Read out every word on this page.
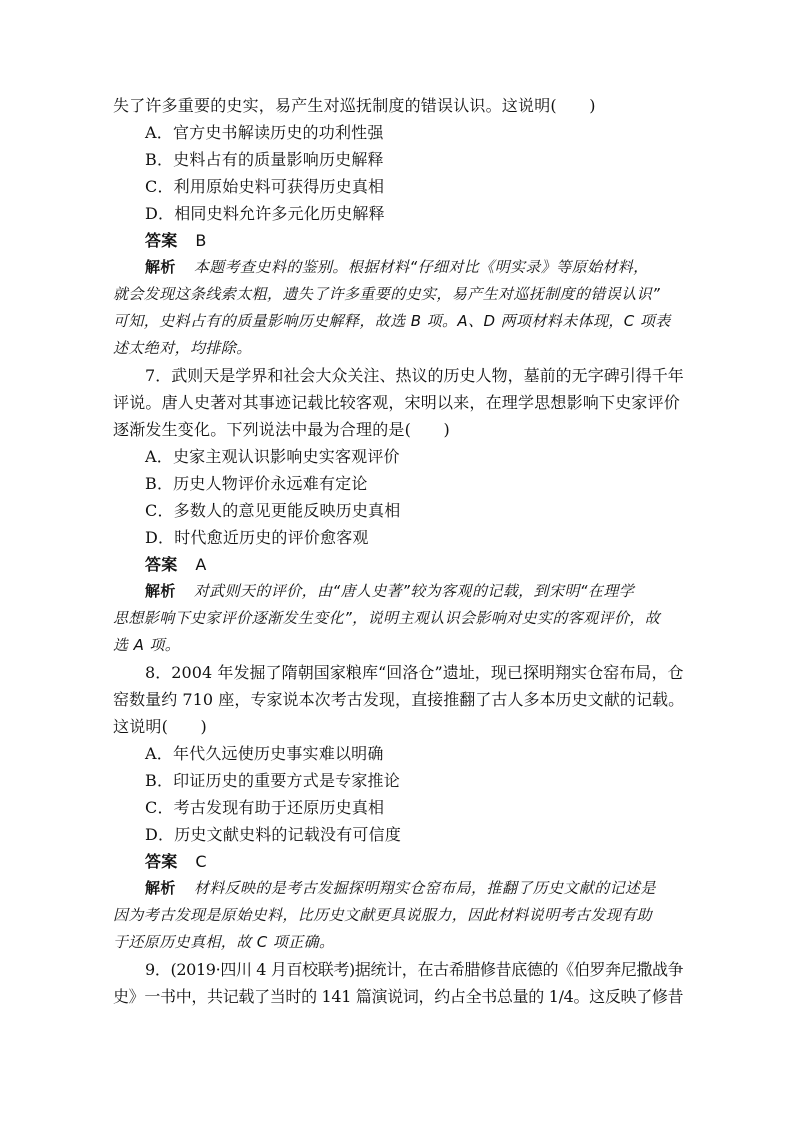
失了许多重要的史实，易产生对巡抚制度的错误认识。这说明(　　)
A．官方史书解读历史的功利性强
B．史料占有的质量影响历史解释
C．利用原始史料可获得历史真相
D．相同史料允许多元化历史解释
答案 B
解析 本题考查史料的鉴别。根据材料“仔细对比《明实录》等原始材料，
就会发现这条线索太粗，遗失了许多重要的史实，易产生对巡抚制度的错误认识”
可知，史料占有的质量影响历史解释，故选 B 项。A、D 两项材料未体现，C 项表
述太绝对，均排除。
7．武则天是学界和社会大众关注、热议的历史人物，墓前的无字碑引得千年
评说。唐人史著对其事迹记载比较客观，宋明以来，在理学思想影响下史家评价
逐渐发生变化。下列说法中最为合理的是(　　)
A．史家主观认识影响史实客观评价
B．历史人物评价永远难有定论
C．多数人的意见更能反映历史真相
D．时代愈近历史的评价愈客观
答案 A
解析 对武则天的评价，由“唐人史著”较为客观的记载，到宋明“在理学
思想影响下史家评价逐渐发生变化”，说明主观认识会影响对史实的客观评价，故
选 A 项。
8．2004 年发掘了隋朝国家粮库“回洛仓”遗址，现已探明翔实仓窑布局，仓
窑数量约 710 座，专家说本次考古发现，直接推翻了古人多本历史文献的记载。
这说明(　　)
A．年代久远使历史事实难以明确
B．印证历史的重要方式是专家推论
C．考古发现有助于还原历史真相
D．历史文献史料的记载没有可信度
答案 C
解析 材料反映的是考古发掘探明翔实仓窑布局，推翻了历史文献的记述是
因为考古发现是原始史料，比历史文献更具说服力，因此材料说明考古发现有助
于还原历史真相，故 C 项正确。
9．(2019·四川 4 月百校联考)据统计，在古希腊修昔底德的《伯罗奔尼撒战争
史》一书中，共记载了当时的 141 篇演说词，约占全书总量的 1/4。这反映了修昔
